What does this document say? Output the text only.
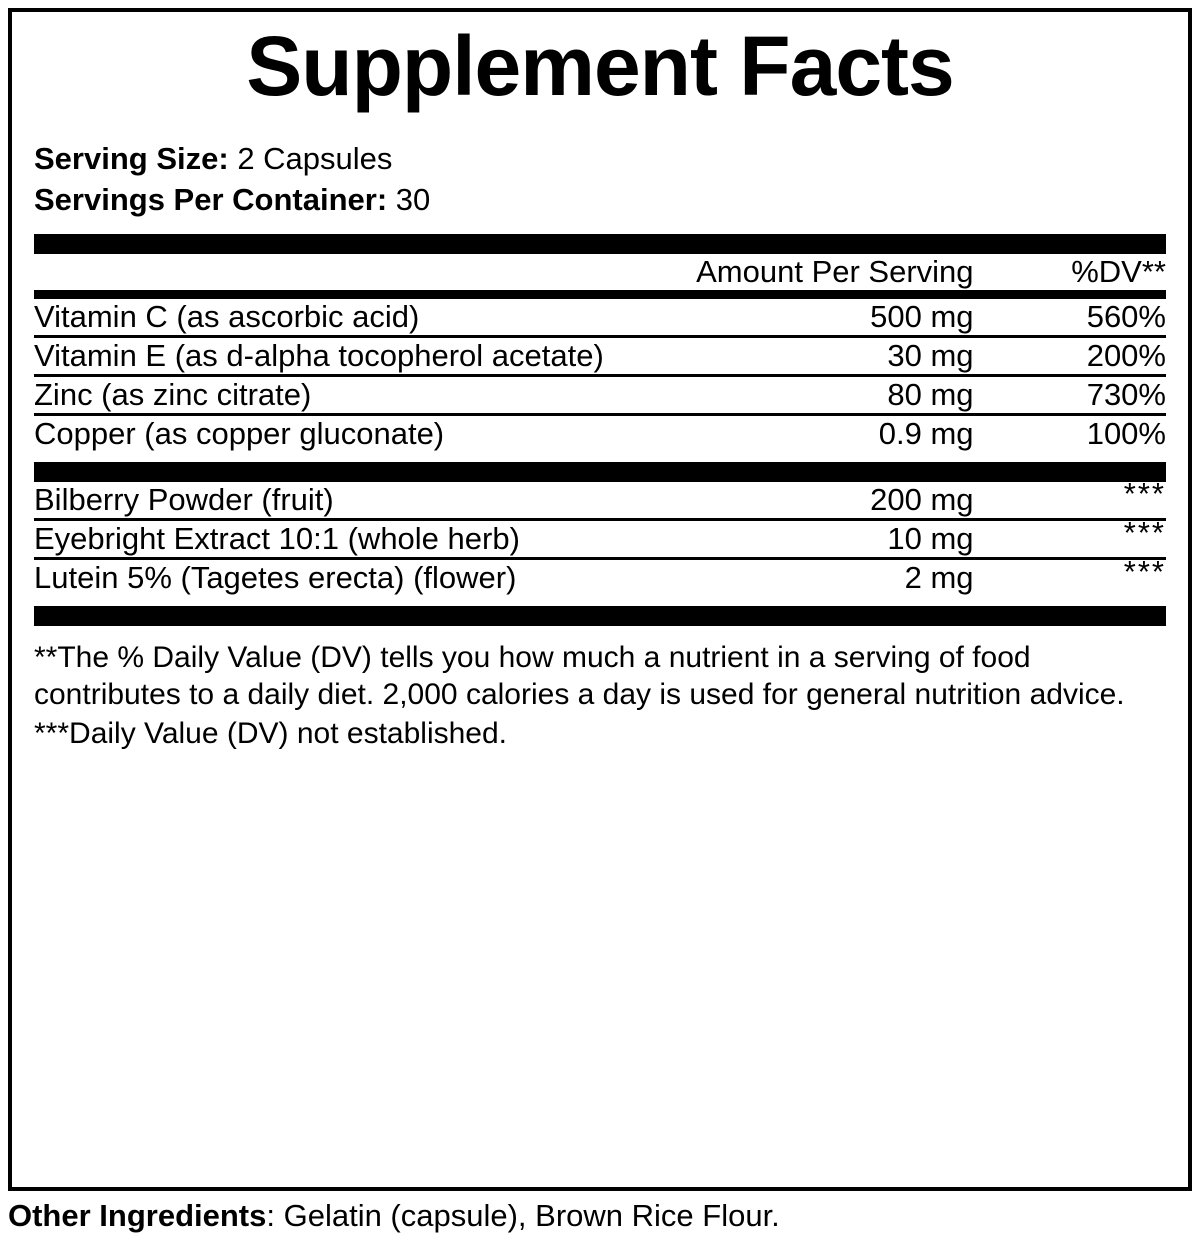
Supplement Facts
Serving Size: 2 Capsules
Servings Per Container: 30
	Amount Per Serving	%DV**
Vitamin C (as ascorbic acid)	500 mg	560%
Vitamin E (as d-alpha tocopherol acetate)	30 mg	200%
Zinc (as zinc citrate)	80 mg	730%
Copper (as copper gluconate)	0.9 mg	100%
Bilberry Powder (fruit)	200 mg	***
Eyebright Extract 10:1 (whole herb)	10 mg	***
Lutein 5% (Tagetes erecta) (flower)	2 mg	***
**The % Daily Value (DV) tells you how much a nutrient in a serving of food contributes to a daily diet. 2,000 calories a day is used for general nutrition advice.
***Daily Value (DV) not established.
Other Ingredients: Gelatin (capsule), Brown Rice Flour.
